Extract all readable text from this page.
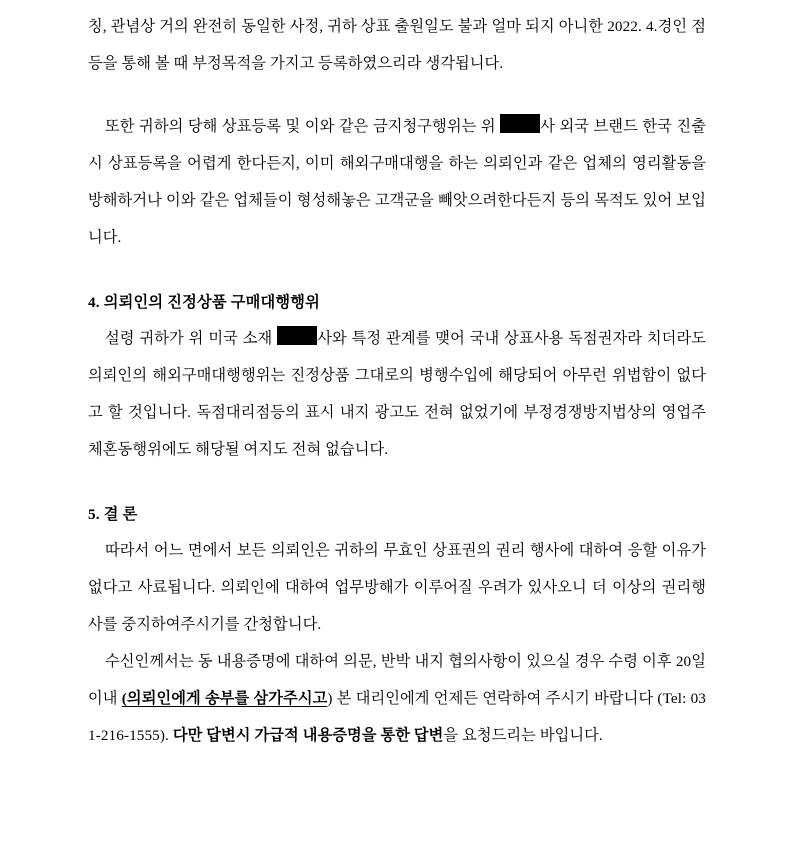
칭, 관념상 거의 완전히 동일한 사정, 귀하 상표 출원일도 불과 얼마 되지 아니한 2022. 4.경인 점 등을 통해 볼 때 부정목적을 가지고 등록하였으리라 생각됩니다.

또한 귀하의 당해 상표등록 및 이와 같은 금지청구행위는 위	사 외국 브랜드 한국 진출 시 상표등록을 어렵게 한다든지, 이미 해외구매대행을 하는 의뢰인과 같은 업체의 영리활동을 방해하거나 이와 같은 업체들이 형성해놓은 고객군을 빼앗으려한다든지 등의 목적도 있어 보입니다.

4. 의뢰인의 진정상품 구매대행행위

설령 귀하가 위 미국 소재	사와 특정 관계를 맺어 국내 상표사용 독점권자라 치더라도 의뢰인의 해외구매대행행위는 진정상품 그대로의 병행수입에 해당되어 아무런 위법함이 없다고 할 것입니다. 독점대리점등의 표시 내지 광고도 전혀 없었기에 부정경쟁방지법상의 영업주체혼동행위에도 해당될 여지도 전혀 없습니다.

5. 결 론

따라서 어느 면에서 보든 의뢰인은 귀하의 무효인 상표권의 권리 행사에 대하여 응할 이유가 없다고 사료됩니다. 의뢰인에 대하여 업무방해가 이루어질 우려가 있사오니 더 이상의 권리행사를 중지하여주시기를 간청합니다.

수신인께서는 동 내용증명에 대하여 의문, 반박 내지 협의사항이 있으실 경우 수령 이후 20일 이내 (의뢰인에게 송부를 삼가주시고) 본 대리인에게 언제든 연락하여 주시기 바랍니다 (Tel: 031-216-1555). 다만 답변시 가급적 내용증명을 통한 답변을 요청드리는 바입니다.
